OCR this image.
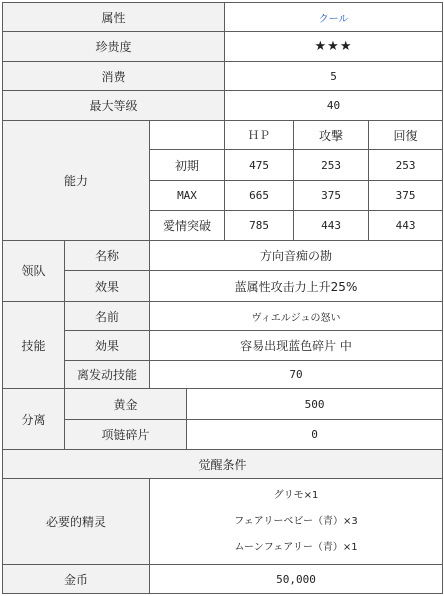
属性				クール		
珍贵度				★★★		
消费				5		
最大等级				40		
能力				ＨＰ	攻撃	回復
		初期		475	253	253
		MAX		665	375	375
		愛情突破		785	443	443
领队	名称	方向音痴の勘				
	效果	蓝属性攻击力上升25%				
技能	名前	ヴィエルジュの怒い				
	効果	容易出现蓝色碎片 中				
	离发动技能	70				
分离	黄金		500			
	项链碎片		0			
觉醒条件						
必要的精灵		グリモ×1
フェアリーベビー（青）×3
ムーンフェアリー（青）×1				

金币		50,000				
